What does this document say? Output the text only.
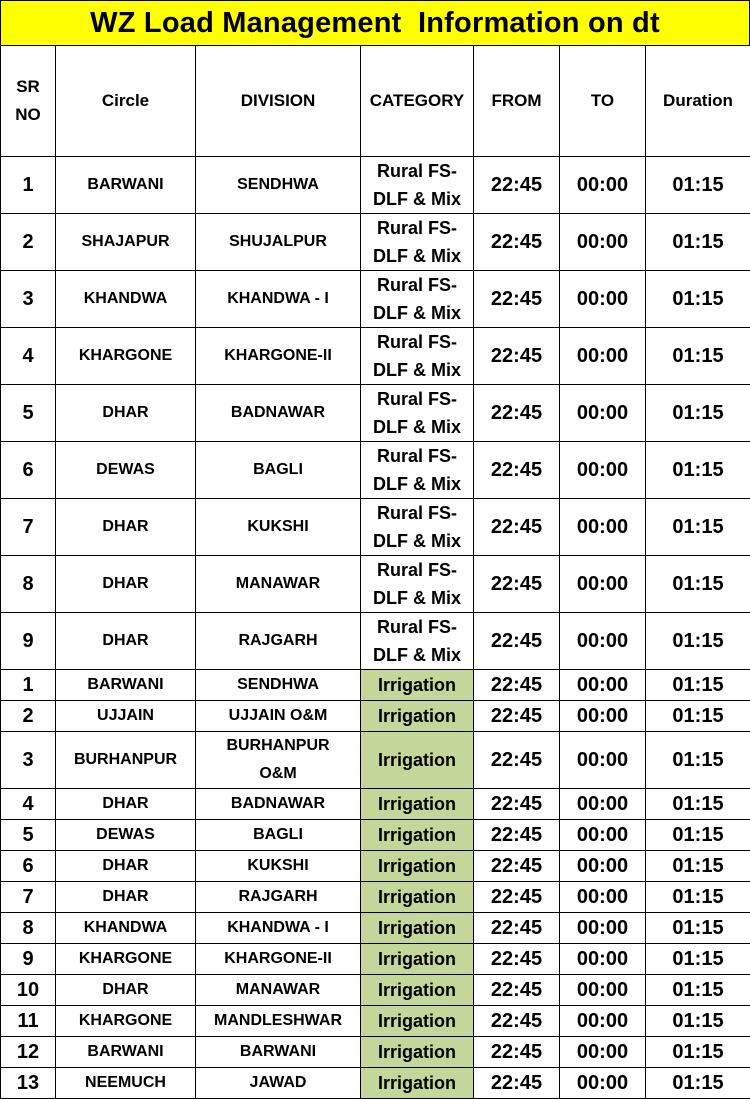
WZ Load Management  Information on dt
SR NO	Circle	DIVISION	CATEGORY	FROM	TO	Duration
1	BARWANI	SENDHWA	Rural FS-DLF & Mix	22:45	00:00	01:15
2	SHAJAPUR	SHUJALPUR	Rural FS-DLF & Mix	22:45	00:00	01:15
3	KHANDWA	KHANDWA - I	Rural FS-DLF & Mix	22:45	00:00	01:15
4	KHARGONE	KHARGONE-II	Rural FS-DLF & Mix	22:45	00:00	01:15
5	DHAR	BADNAWAR	Rural FS-DLF & Mix	22:45	00:00	01:15
6	DEWAS	BAGLI	Rural FS-DLF & Mix	22:45	00:00	01:15
7	DHAR	KUKSHI	Rural FS-DLF & Mix	22:45	00:00	01:15
8	DHAR	MANAWAR	Rural FS-DLF & Mix	22:45	00:00	01:15
9	DHAR	RAJGARH	Rural FS-DLF & Mix	22:45	00:00	01:15
1	BARWANI	SENDHWA	Irrigation	22:45	00:00	01:15
2	UJJAIN	UJJAIN O&M	Irrigation	22:45	00:00	01:15
3	BURHANPUR	BURHANPUR O&M	Irrigation	22:45	00:00	01:15
4	DHAR	BADNAWAR	Irrigation	22:45	00:00	01:15
5	DEWAS	BAGLI	Irrigation	22:45	00:00	01:15
6	DHAR	KUKSHI	Irrigation	22:45	00:00	01:15
7	DHAR	RAJGARH	Irrigation	22:45	00:00	01:15
8	KHANDWA	KHANDWA - I	Irrigation	22:45	00:00	01:15
9	KHARGONE	KHARGONE-II	Irrigation	22:45	00:00	01:15
10	DHAR	MANAWAR	Irrigation	22:45	00:00	01:15
11	KHARGONE	MANDLESHWAR	Irrigation	22:45	00:00	01:15
12	BARWANI	BARWANI	Irrigation	22:45	00:00	01:15
13	NEEMUCH	JAWAD	Irrigation	22:45	00:00	01:15
